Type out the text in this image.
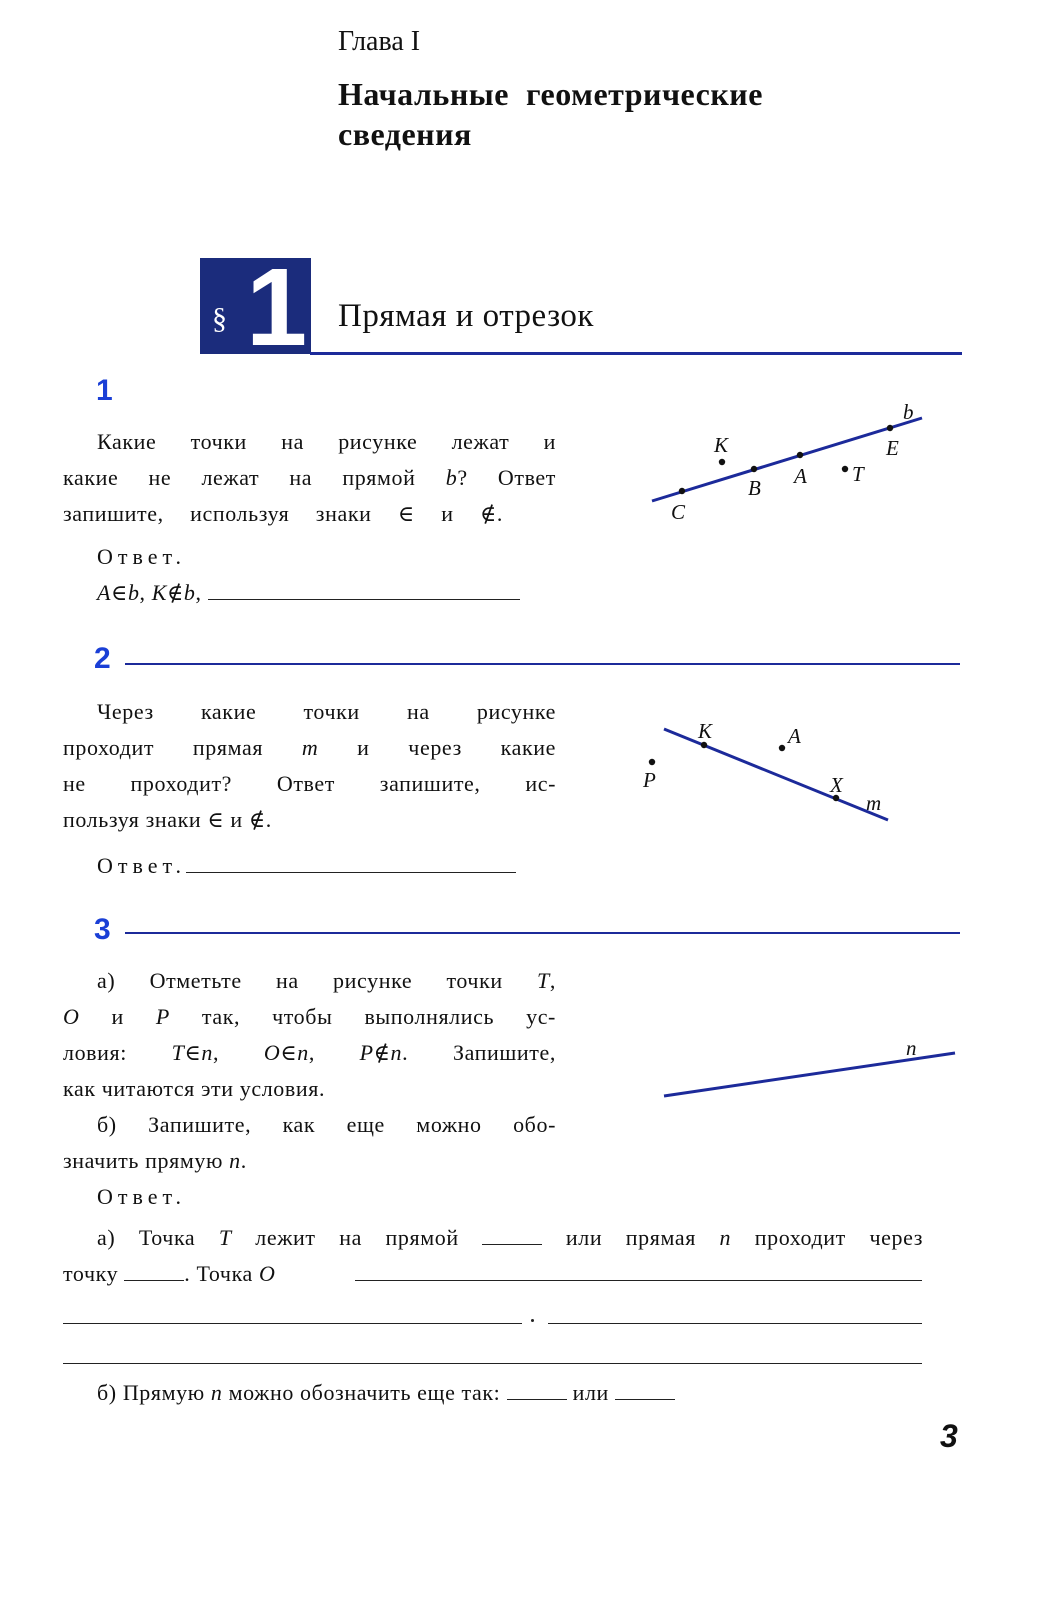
Глава I
Начальные  геометрические
сведения
§ 1 Прямая и отрезок
1
Какие точки на рисунке лежат и
какие не лежат на прямой b? Ответ
запишите, используя знаки ∈ и ∉.
Ответ.
A∈b, K∉b,
b
K	E
A T
B
C
m
K	A
P	X
n
2
Через какие точки на рисунке
проходит прямая m и через какие
не проходит? Ответ запишите, ис-
пользуя знаки ∈ и ∉.
Ответ.
3
а) Отметьте на рисунке точки T,
O и P так, чтобы выполнялись ус-
ловия: T∈n, O∈n, P∉n. Запишите,
как читаются эти условия.
б) Запишите, как еще можно обо-
значить прямую n.
Ответ.
а) Точка T лежит на прямой	или прямая n проходит через
точку	. Точка O
б) Прямую n можно обозначить еще так:	или
3
